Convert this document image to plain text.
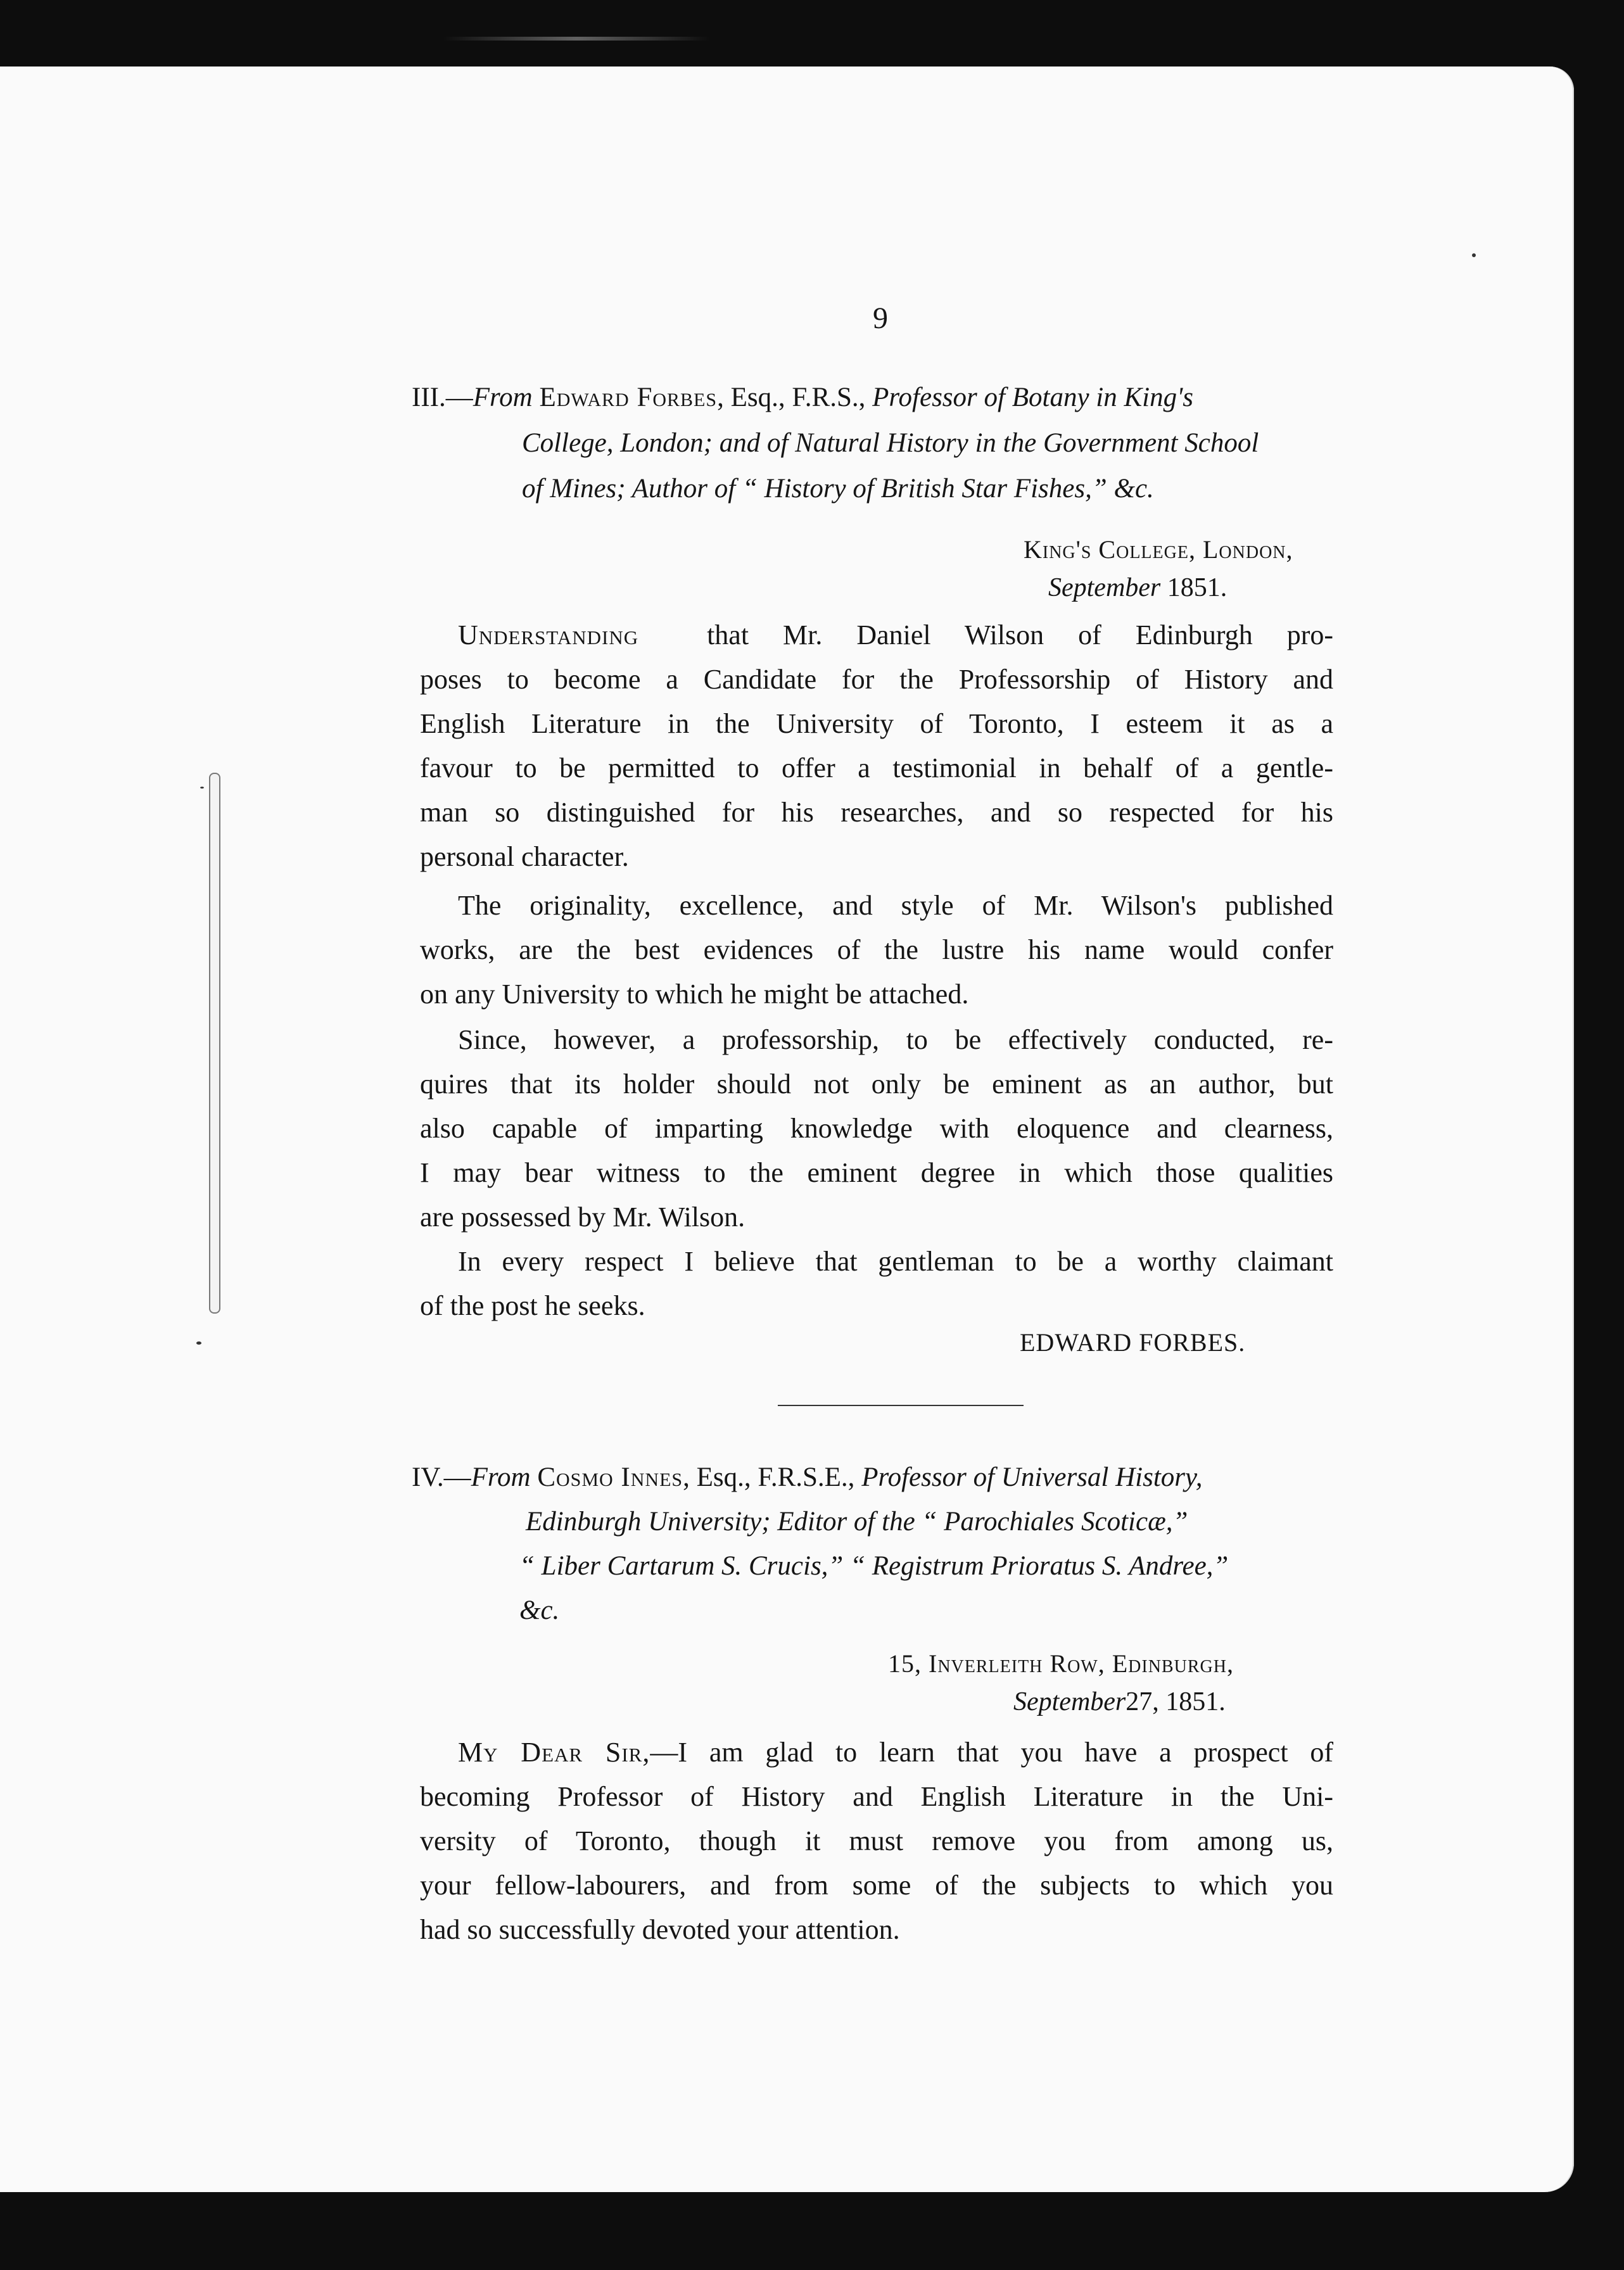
9
III.—From Edward Forbes, Esq., F.R.S., Professor of Botany in King's
College, London; and of Natural History in the Government School
of Mines; Author of “ History of British Star Fishes,” &c.
King's College, London,
September 1851.
Understanding that Mr. Daniel Wilson of Edinburgh pro-
poses to become a Candidate for the Professorship of History and
English Literature in the University of Toronto, I esteem it as a
favour to be permitted to offer a testimonial in behalf of a gentle-
man so distinguished for his researches, and so respected for his
personal character.
The originality, excellence, and style of Mr. Wilson's published
works, are the best evidences of the lustre his name would confer
on any University to which he might be attached.
Since, however, a professorship, to be effectively conducted, re-
quires that its holder should not only be eminent as an author, but
also capable of imparting knowledge with eloquence and clearness,
I may bear witness to the eminent degree in which those qualities
are possessed by Mr. Wilson.
In every respect I believe that gentleman to be a worthy claimant
of the post he seeks.
EDWARD FORBES.
IV.—From Cosmo Innes, Esq., F.R.S.E., Professor of Universal History,
Edinburgh University; Editor of the “ Parochiales Scoticæ,”
“ Liber Cartarum S. Crucis,” “ Registrum Prioratus S. Andree,”
&c.
15, Inverleith Row, Edinburgh,
September27, 1851.
My Dear Sir,—I am glad to learn that you have a prospect of
becoming Professor of History and English Literature in the Uni-
versity of Toronto, though it must remove you from among us,
your fellow-labourers, and from some of the subjects to which you
had so successfully devoted your attention.
